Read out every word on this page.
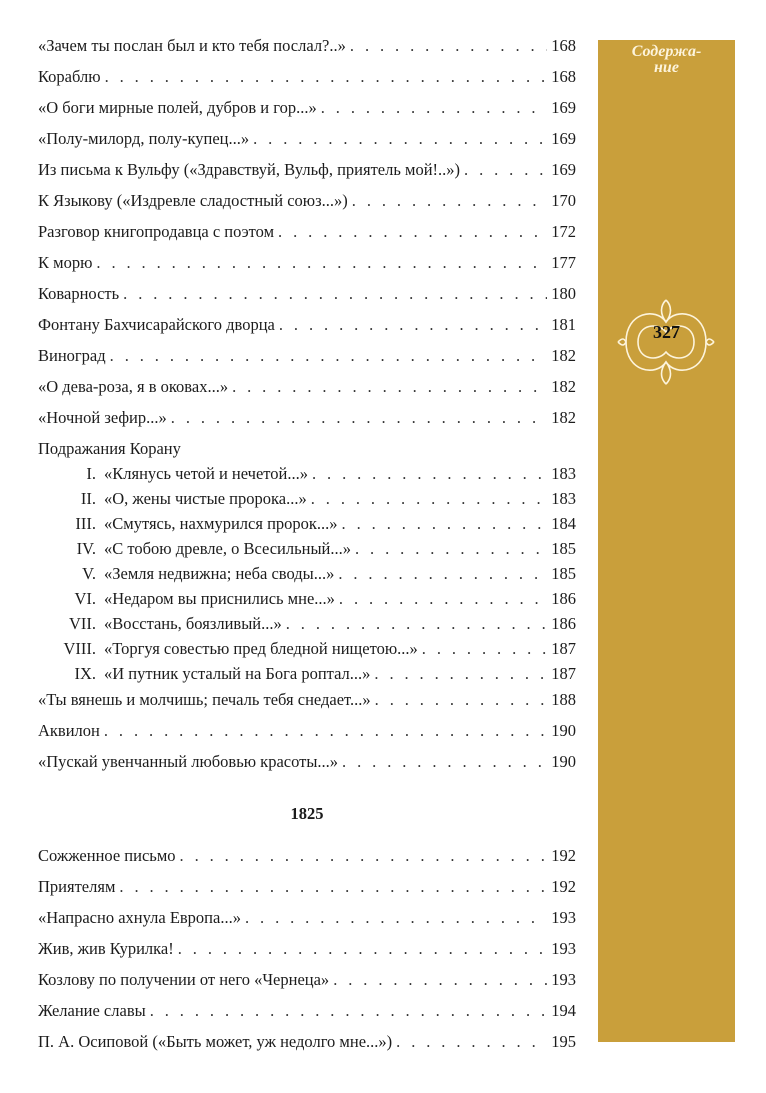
«Зачем ты послан был и кто тебя послал?..» . . .	168
Кораблю . . .	168
«О боги мирные полей, дубров и гор...» . . .	169
«Полу-милорд, полу-купец...» . . .	169
Из письма к Вульфу («Здравствуй, Вульф, приятель мой!..») . . .	169
К Языкову («Издревле сладостный союз...») . . .	170
Разговор книгопродавца с поэтом . . .	172
К морю . . .	177
Коварность . . .	180
Фонтану Бахчисарайского дворца . . .	181
Виноград . . .	182
«О дева-роза, я в оковах...» . . .	182
«Ночной зефир...» . . .	182
Подражания Корану
I. «Клянусь четой и нечетой...» . . .	183
II. «О, жены чистые пророка...» . . .	183
III. «Смутясь, нахмурился пророк...» . . .	184
IV. «С тобою древле, о Всесильный...» . . .	185
V. «Земля недвижна; неба своды...» . . .	185
VI. «Недаром вы приснились мне...» . . .	186
VII. «Восстань, боязливый...» . . .	186
VIII. «Торгуя совестью пред бледной нищетою...» . . .	187
IX. «И путник усталый на Бога роптал...» . . .	187
«Ты вянешь и молчишь; печаль тебя снедает...» . . .	188
Аквилон . . .	190
«Пускай увенчанный любовью красоты...» . . .	190
1825
Сожженное письмо . . .	192
Приятелям . . .	192
«Напрасно ахнула Европа...» . . .	193
Жив, жив Курилка! . . .	193
Козлову по получении от него «Чернеца» . . .	193
Желание славы . . .	194
П. А. Осиповой («Быть может, уж недолго мне...») . . .	195
Содержа-
ние
327
